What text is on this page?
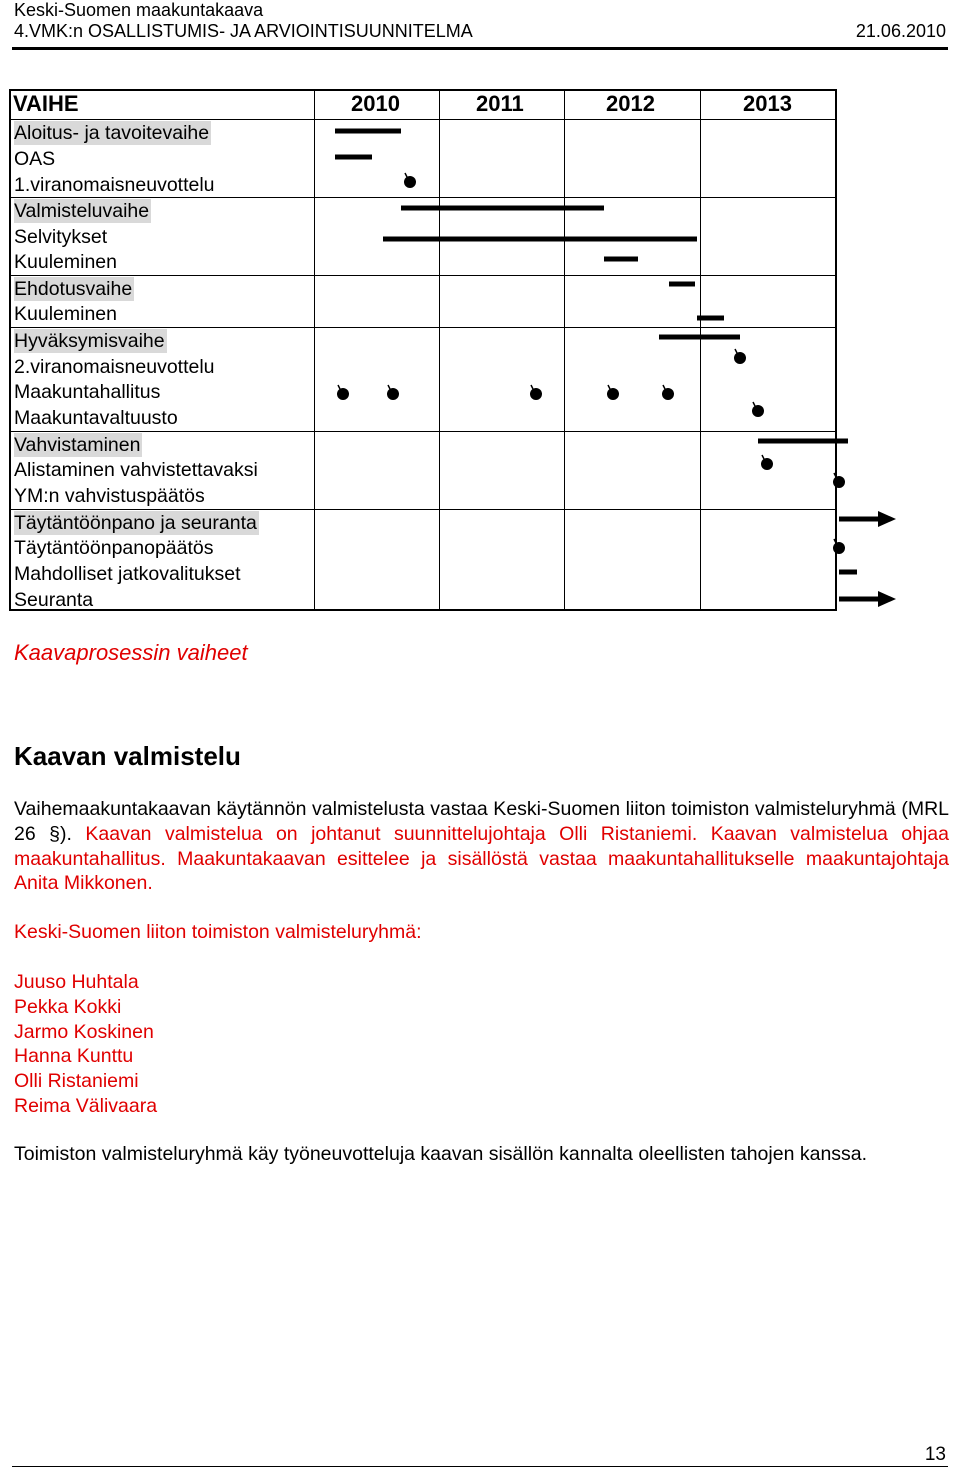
Keski-Suomen maakuntakaava
4.VMK:n OSALLISTUMIS- JA ARVIOINTISUUNNITELMA	21.06.2010
VAIHE	2010	2011	2012	2013
Aloitus- ja tavoitevaihe
OAS
1.viranomaisneuvottelu
Valmisteluvaihe
Selvitykset
Kuuleminen
Ehdotusvaihe
Kuuleminen
Hyväksymisvaihe
2.viranomaisneuvottelu
Maakuntahallitus
Maakuntavaltuusto
Vahvistaminen
Alistaminen vahvistettavaksi
YM:n vahvistuspäätös
Täytäntöönpano ja seuranta
Täytäntöönpanopäätös
Mahdolliset jatkovalitukset
Seuranta
Kaavaprosessin vaiheet
Kaavan valmistelu
Vaihemaakuntakaavan käytännön valmistelusta vastaa Keski-Suomen liiton toimiston valmisteluryhmä (MRL 26 §). Kaavan valmistelua on johtanut suunnittelujohtaja Olli Ristaniemi. Kaavan valmistelua ohjaa maakuntahallitus. Maakuntakaavan esittelee ja sisällöstä vastaa maakuntahallitukselle maakuntajohtaja Anita Mikkonen.
Keski-Suomen liiton toimiston valmisteluryhmä:
Juuso Huhtala
Pekka Kokki
Jarmo Koskinen
Hanna Kunttu
Olli Ristaniemi
Reima Välivaara
Toimiston valmisteluryhmä käy työneuvotteluja kaavan sisällön kannalta oleellisten tahojen kanssa.
13
